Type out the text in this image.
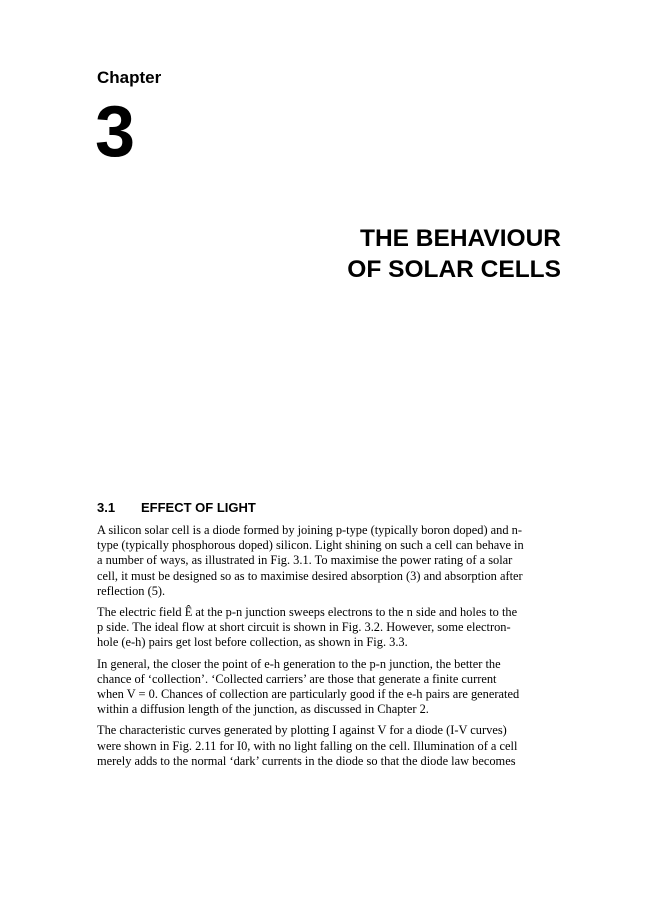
Chapter
3
THE BEHAVIOUR
OF SOLAR CELLS
3.1 EFFECT OF LIGHT

A silicon solar cell is a diode formed by joining p-type (typically boron doped) and n-
type (typically phosphorous doped) silicon. Light shining on such a cell can behave in
a number of ways, as illustrated in Fig. 3.1. To maximise the power rating of a solar
cell, it must be designed so as to maximise desired absorption (3) and absorption after
reflection (5).

The electric field Ê at the p-n junction sweeps electrons to the n side and holes to the
p side. The ideal flow at short circuit is shown in Fig. 3.2. However, some electron-
hole (e-h) pairs get lost before collection, as shown in Fig. 3.3.

In general, the closer the point of e-h generation to the p-n junction, the better the
chance of ‘collection’. ‘Collected carriers’ are those that generate a finite current
when V = 0. Chances of collection are particularly good if the e-h pairs are generated
within a diffusion length of the junction, as discussed in Chapter 2.

The characteristic curves generated by plotting I against V for a diode (I-V curves)
were shown in Fig. 2.11 for I0, with no light falling on the cell. Illumination of a cell
merely adds to the normal ‘dark’ currents in the diode so that the diode law becomes
